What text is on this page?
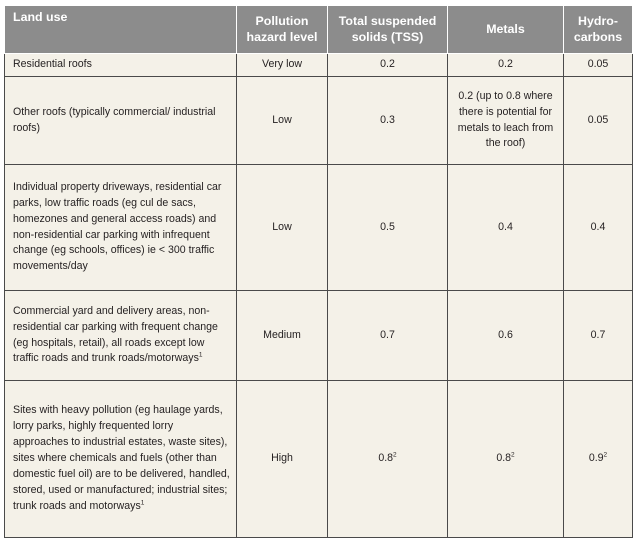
Land use	Pollution hazard level	Total suspended solids (TSS)	Metals	Hydro-carbons
Residential roofs	Very low	0.2	0.2	0.05
Other roofs (typically commercial/ industrial roofs)	Low	0.3	0.2 (up to 0.8 where there is potential for metals to leach from the roof)	0.05
Individual property driveways, residential car parks, low traffic roads (eg cul de sacs, homezones and general access roads) and non-residential car parking with infrequent change (eg schools, offices) ie < 300 traffic movements/day	Low	0.5	0.4	0.4
Commercial yard and delivery areas, non-residential car parking with frequent change (eg hospitals, retail), all roads except low traffic roads and trunk roads/motorways$^1$	Medium	0.7	0.6	0.7
Sites with heavy pollution (eg haulage yards, lorry parks, highly frequented lorry approaches to industrial estates, waste sites), sites where chemicals and fuels (other than domestic fuel oil) are to be delivered, handled, stored, used or manufactured; industrial sites; trunk roads and motorways$^1$	High	$0.8^2$	$0.8^2$	$0.9^2$
